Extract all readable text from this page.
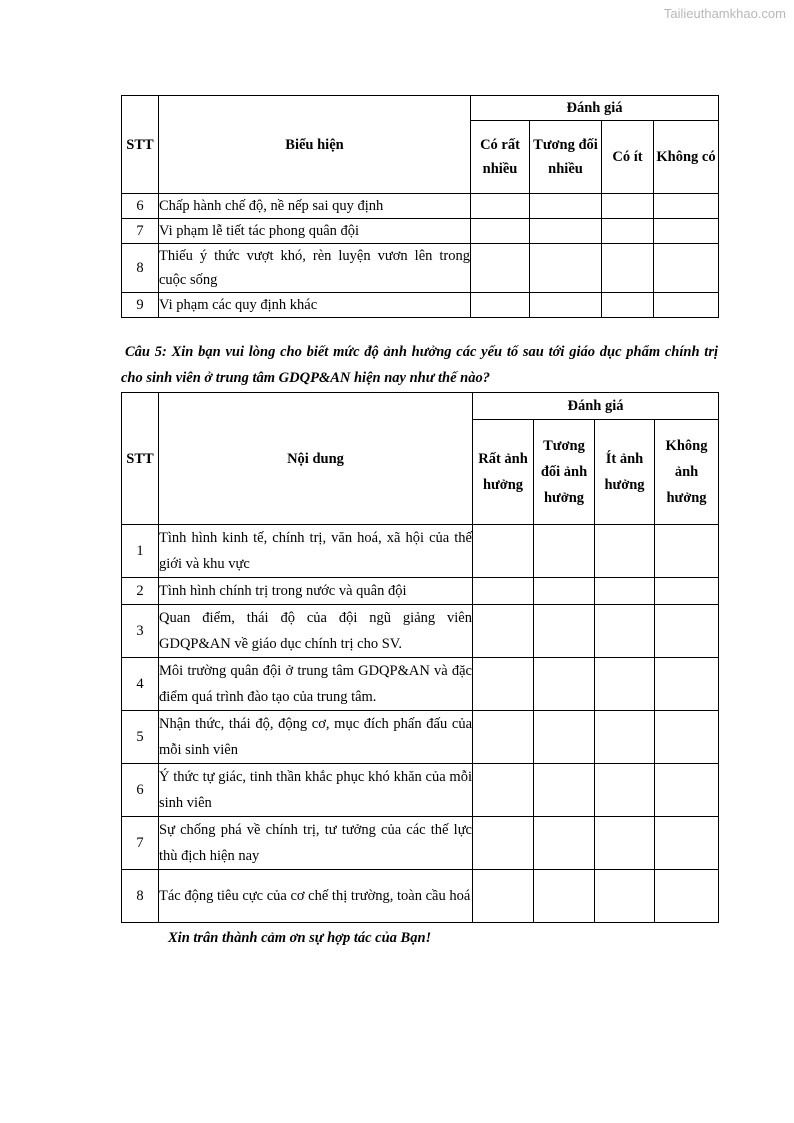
Tailieuthamkhao.com
STT	Biểu hiện	Đánh giá			
		Có rất nhiều	Tương đối nhiều	Có ít	Không có
6	Chấp hành chế độ, nề nếp sai quy định				
7	Vi phạm lễ tiết tác phong quân đội				
8	Thiếu ý thức vượt khó, rèn luyện vươn lên trong cuộc sống				
9	Vi phạm các quy định khác				
Câu 5: Xin bạn vui lòng cho biết mức độ ảnh hưởng các yếu tố sau tới giáo dục phẩm chính trị cho sinh viên ở trung tâm GDQP&AN hiện nay như thế nào?
STT	Nội dung	Đánh giá			
		Rất ảnh hưởng	Tương đối ảnh hưởng	Ít ảnh hưởng	Không ảnh hưởng
1	Tình hình kinh tế, chính trị, văn hoá, xã hội của thế giới và khu vực				
2	Tình hình chính trị trong nước và quân đội				
3	Quan điểm, thái độ của đội ngũ giảng viên GDQP&AN về giáo dục chính trị cho SV.				
4	Môi trường quân đội ở trung tâm GDQP&AN và đặc điểm quá trình đào tạo của trung tâm.				
5	Nhận thức, thái độ, động cơ, mục đích phấn đấu của mỗi sinh viên				
6	Ý thức tự giác, tinh thần khắc phục khó khăn của mỗi sinh viên				
7	Sự chống phá về chính trị, tư tưởng của các thế lực thù địch hiện nay				
8	Tác động tiêu cực của cơ chế thị trường, toàn cầu hoá				
Xin trân thành cảm ơn sự hợp tác của Bạn!
